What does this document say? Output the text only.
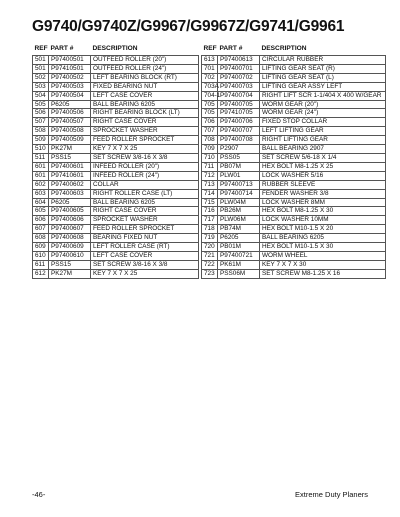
G9740/G9740Z/G9967/G9967Z/G9741/G9961
REF	PART #	DESCRIPTION
501	P97400501	OUTFEED ROLLER (20")
501	P97410501	OUTFEED ROLLER (24")
502	P97400502	LEFT BEARING BLOCK (RT)
503	P97400503	FIXED BEARING NUT
504	P97400504	LEFT CASE COVER
505	P6205	BALL BEARING 6205
506	P97400506	RIGHT BEARING BLOCK (LT)
507	P97400507	RIGHT CASE COVER
508	P97400508	SPROCKET WASHER
509	P97400509	FEED ROLLER SPROCKET
510	PK27M	KEY 7 X 7 X 25
511	PSS15	SET SCREW 3/8-16 X 3/8
601	P97400601	INFEED ROLLER (20")
601	P97410601	INFEED ROLLER (24")
602	P97400602	COLLAR
603	P97400603	RIGHT ROLLER CASE (LT)
604	P6205	BALL BEARING 6205
605	P97400605	RIGHT CASE COVER
606	P97400606	SPROCKET WASHER
607	P97400607	FEED ROLLER SPROCKET
608	P97400608	BEARING FIXED NUT
609	P97400609	LEFT ROLLER CASE (RT)
610	P97400610	LEFT CASE COVER
611	PSS15	SET SCREW 3/8-16 X 3/8
612	PK27M	KEY 7 X 7 X 25
REF	PART #	DESCRIPTION
613	P97400613	CIRCULAR RUBBER
701	P97400701	LIFTING GEAR SEAT (R)
702	P97400702	LIFTING GEAR SEAT (L)
703A	P97400703	LIFTING GEAR ASSY LEFT
704-1	P97400704	RIGHT LIFT SCR 1-1/404 X 400 W/GEAR
705	P97400705	WORM GEAR (20")
705	P97410705	WORM GEAR (24")
706	P97400706	FIXED STOP COLLAR
707	P97400707	LEFT LIFTING GEAR
708	P97400708	RIGHT LIFTING GEAR
709	P2907	BALL BEARING 2907
710	PSS05	SET SCREW 5/6-18 X 1/4
711	PB07M	HEX BOLT M8-1.25 X 25
712	PLW01	LOCK WASHER 5/16
713	P97400713	RUBBER SLEEVE
714	P97400714	FENDER WASHER 3/8
715	PLW04M	LOCK WASHER 8MM
716	PB26M	HEX BOLT M8-1.25 X 30
717	PLW06M	LOCK WASHER 10MM
718	PB74M	HEX BOLT M10-1.5 X 20
719	P6205	BALL BEARING 6205
720	PB01M	HEX BOLT M10-1.5 X 30
721	P97400721	WORM WHEEL
722	PK61M	KEY 7 X 7 X 30
723	PSS06M	SET SCREW M8-1.25 X 16
-46-	Extreme Duty Planers
